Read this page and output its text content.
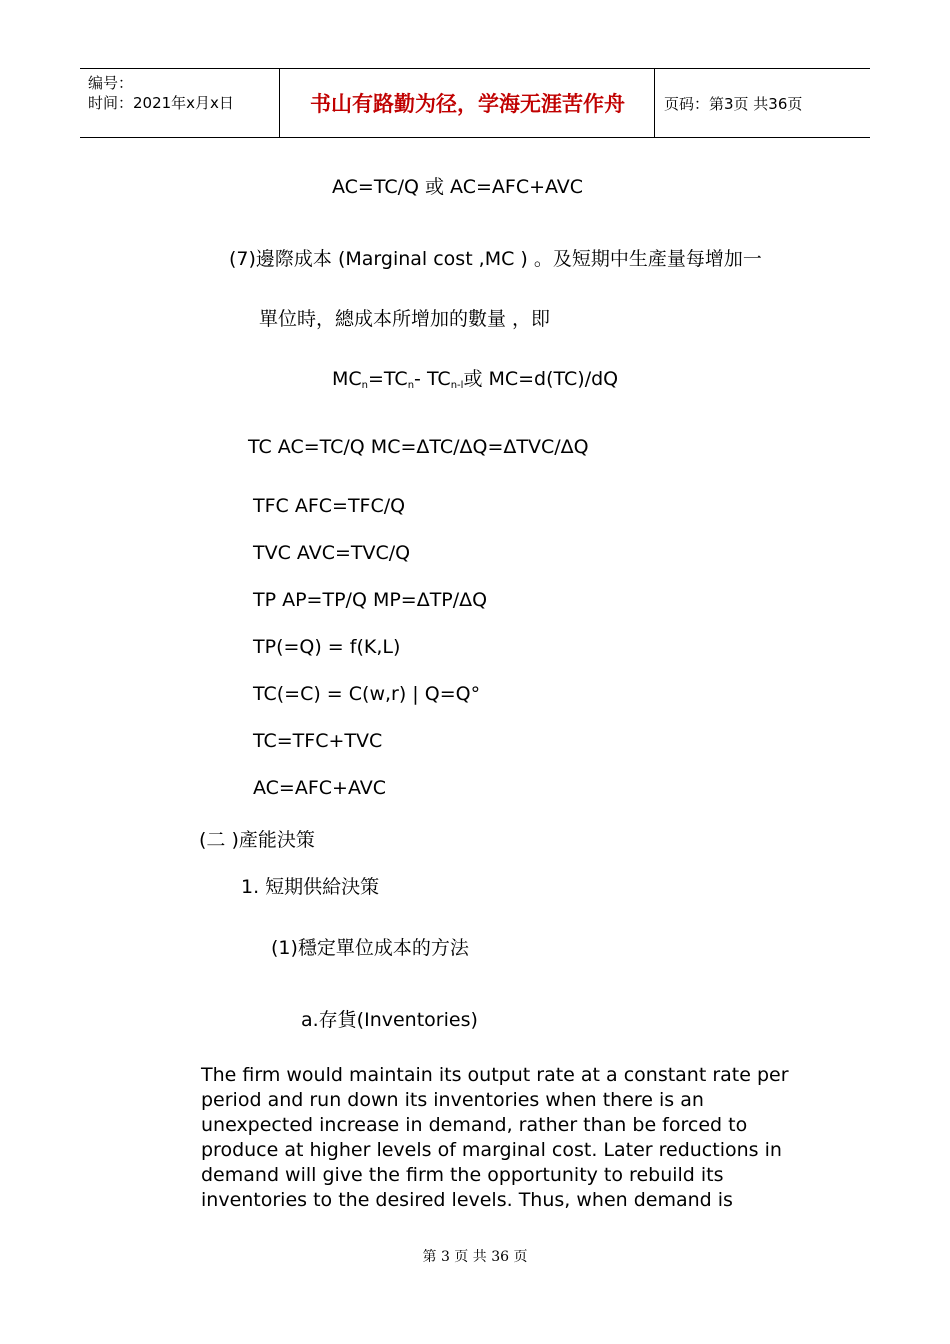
编号：
时间：2021年x月x日	书山有路勤为径，学海无涯苦作舟	页码：第3页 共36页
AC=TC/Q 或 AC=AFC+AVC
(7)邊際成本 (Marginal cost ,MC ) 。及短期中生產量每增加一
單位時，總成本所增加的數量 ，即
$MC_n=TC_n-$ $TC_{n-l}$或 MC=d(TC)/dQ
TC AC=TC/Q MC=ΔTC/ΔQ=ΔTVC/ΔQ
TFC AFC=TFC/Q
TVC AVC=TVC/Q
TP AP=TP/Q MP=ΔTP/ΔQ
TP(=Q) = f(K,L)
TC(=C) = C(w,r) | Q=Q°
TC=TFC+TVC
AC=AFC+AVC
(二 )產能決策
1. 短期供給決策
(1)穩定單位成本的方法
a.存貨(Inventories)
The firm would maintain its output rate at a constant rate per period and run down its inventories when there is an unexpected increase in demand, rather than be forced to produce at higher levels of marginal cost. Later reductions in demand will give the firm the opportunity to rebuild its inventories to the desired levels. Thus, when demand is
第 3 页 共 36 页
